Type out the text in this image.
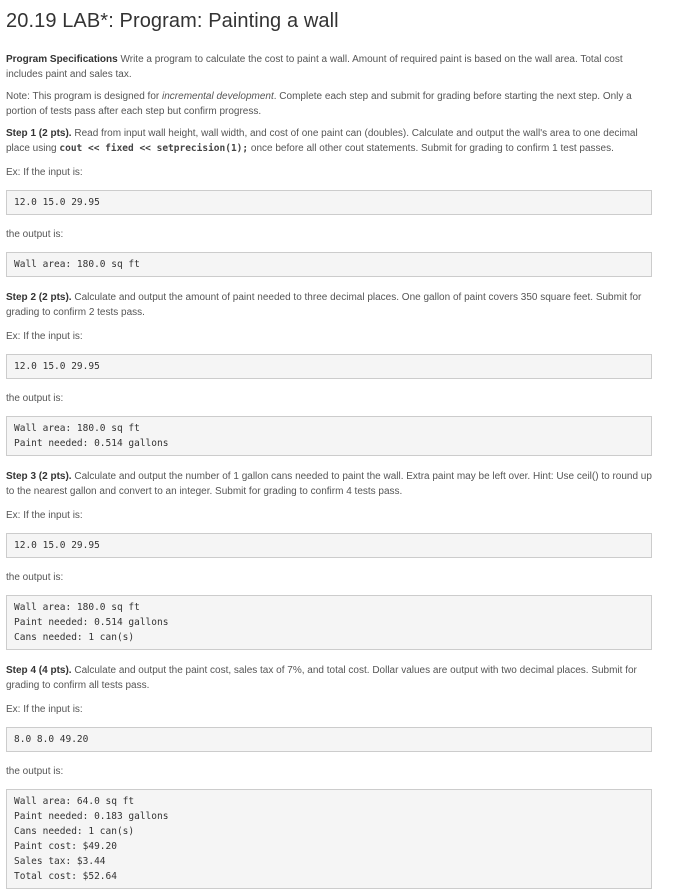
20.19 LAB*: Program: Painting a wall

Program Specifications Write a program to calculate the cost to paint a wall. Amount of required paint is based on the wall area. Total cost includes paint and sales tax.

Note: This program is designed for incremental development. Complete each step and submit for grading before starting the next step. Only a portion of tests pass after each step but confirm progress.

Step 1 (2 pts). Read from input wall height, wall width, and cost of one paint can (doubles). Calculate and output the wall's area to one decimal place using cout << fixed << setprecision(1); once before all other cout statements. Submit for grading to confirm 1 test passes.

Ex: If the input is:
12.0 15.0 29.95
the output is:
Wall area: 180.0 sq ft

Step 2 (2 pts). Calculate and output the amount of paint needed to three decimal places. One gallon of paint covers 350 square feet. Submit for grading to confirm 2 tests pass.

Ex: If the input is:
12.0 15.0 29.95
the output is:
Wall area: 180.0 sq ft
Paint needed: 0.514 gallons

Step 3 (2 pts). Calculate and output the number of 1 gallon cans needed to paint the wall. Extra paint may be left over. Hint: Use ceil() to round up to the nearest gallon and convert to an integer. Submit for grading to confirm 4 tests pass.

Ex: If the input is:
12.0 15.0 29.95
the output is:
Wall area: 180.0 sq ft
Paint needed: 0.514 gallons
Cans needed: 1 can(s)

Step 4 (4 pts). Calculate and output the paint cost, sales tax of 7%, and total cost. Dollar values are output with two decimal places. Submit for grading to confirm all tests pass.

Ex: If the input is:
8.0 8.0 49.20
the output is:
Wall area: 64.0 sq ft
Paint needed: 0.183 gallons
Cans needed: 1 can(s)
Paint cost: $49.20
Sales tax: $3.44
Total cost: $52.64
